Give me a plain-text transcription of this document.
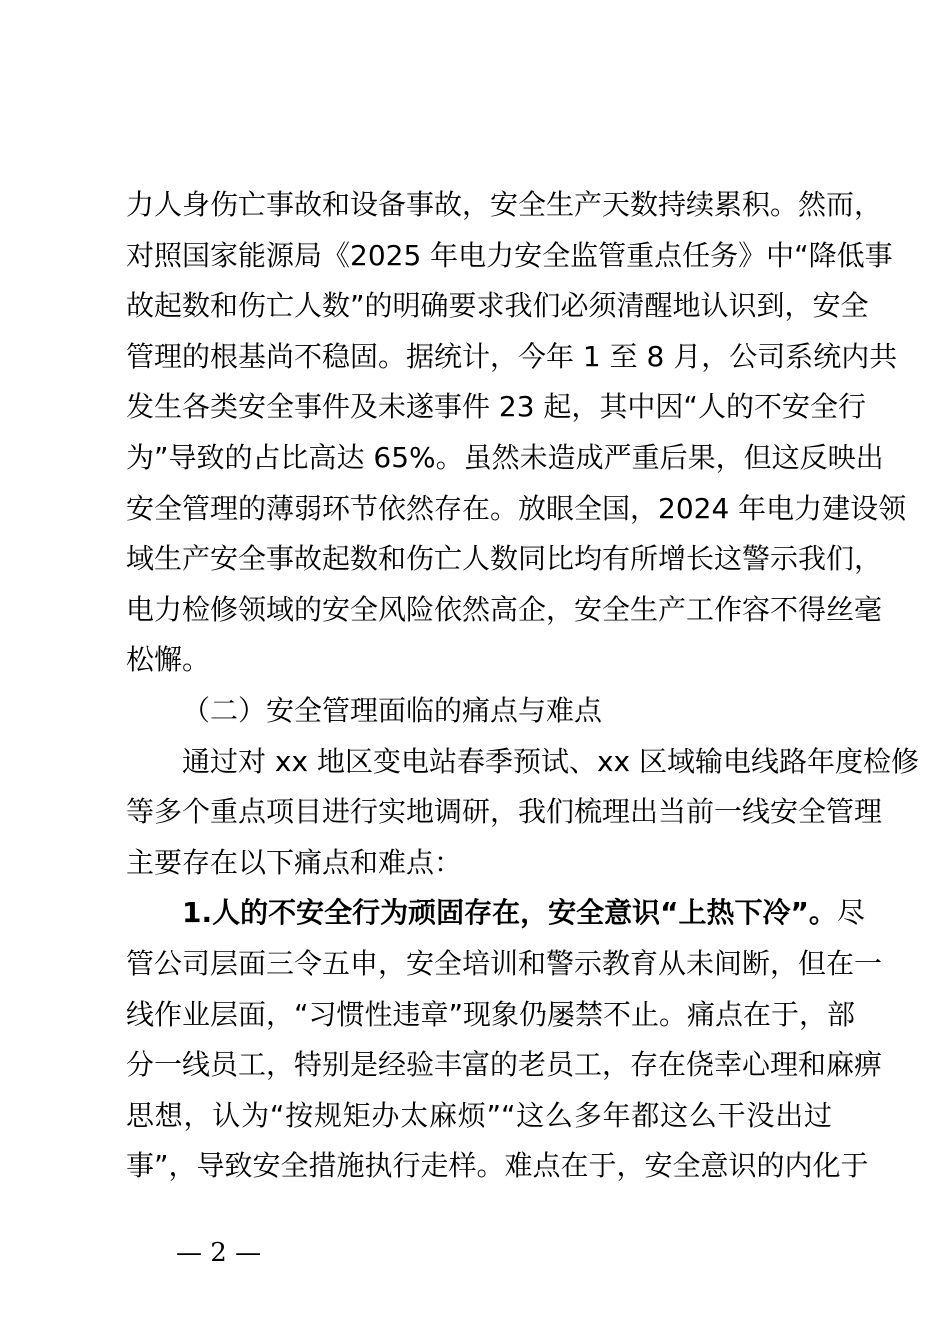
力人身伤亡事故和设备事故，安全生产天数持续累积。然而，
对照国家能源局《2025 年电力安全监管重点任务》中“降低事
故起数和伤亡人数”的明确要求我们必须清醒地认识到，安全
管理的根基尚不稳固。据统计，今年 1 至 8 月，公司系统内共
发生各类安全事件及未遂事件 23 起，其中因“人的不安全行
为”导致的占比高达 65%。虽然未造成严重后果，但这反映出
安全管理的薄弱环节依然存在。放眼全国，2024 年电力建设领
域生产安全事故起数和伤亡人数同比均有所增长这警示我们，
电力检修领域的安全风险依然高企，安全生产工作容不得丝毫
松懈。

（二）安全管理面临的痛点与难点

通过对 xx 地区变电站春季预试、xx 区域输电线路年度检修
等多个重点项目进行实地调研，我们梳理出当前一线安全管理
主要存在以下痛点和难点：

1.人的不安全行为顽固存在，安全意识“上热下冷”。尽
管公司层面三令五申，安全培训和警示教育从未间断，但在一
线作业层面，“习惯性违章”现象仍屡禁不止。痛点在于，部
分一线员工，特别是经验丰富的老员工，存在侥幸心理和麻痹
思想，认为“按规矩办太麻烦”“这么多年都这么干没出过
事”，导致安全措施执行走样。难点在于，安全意识的内化于

— 2 —
